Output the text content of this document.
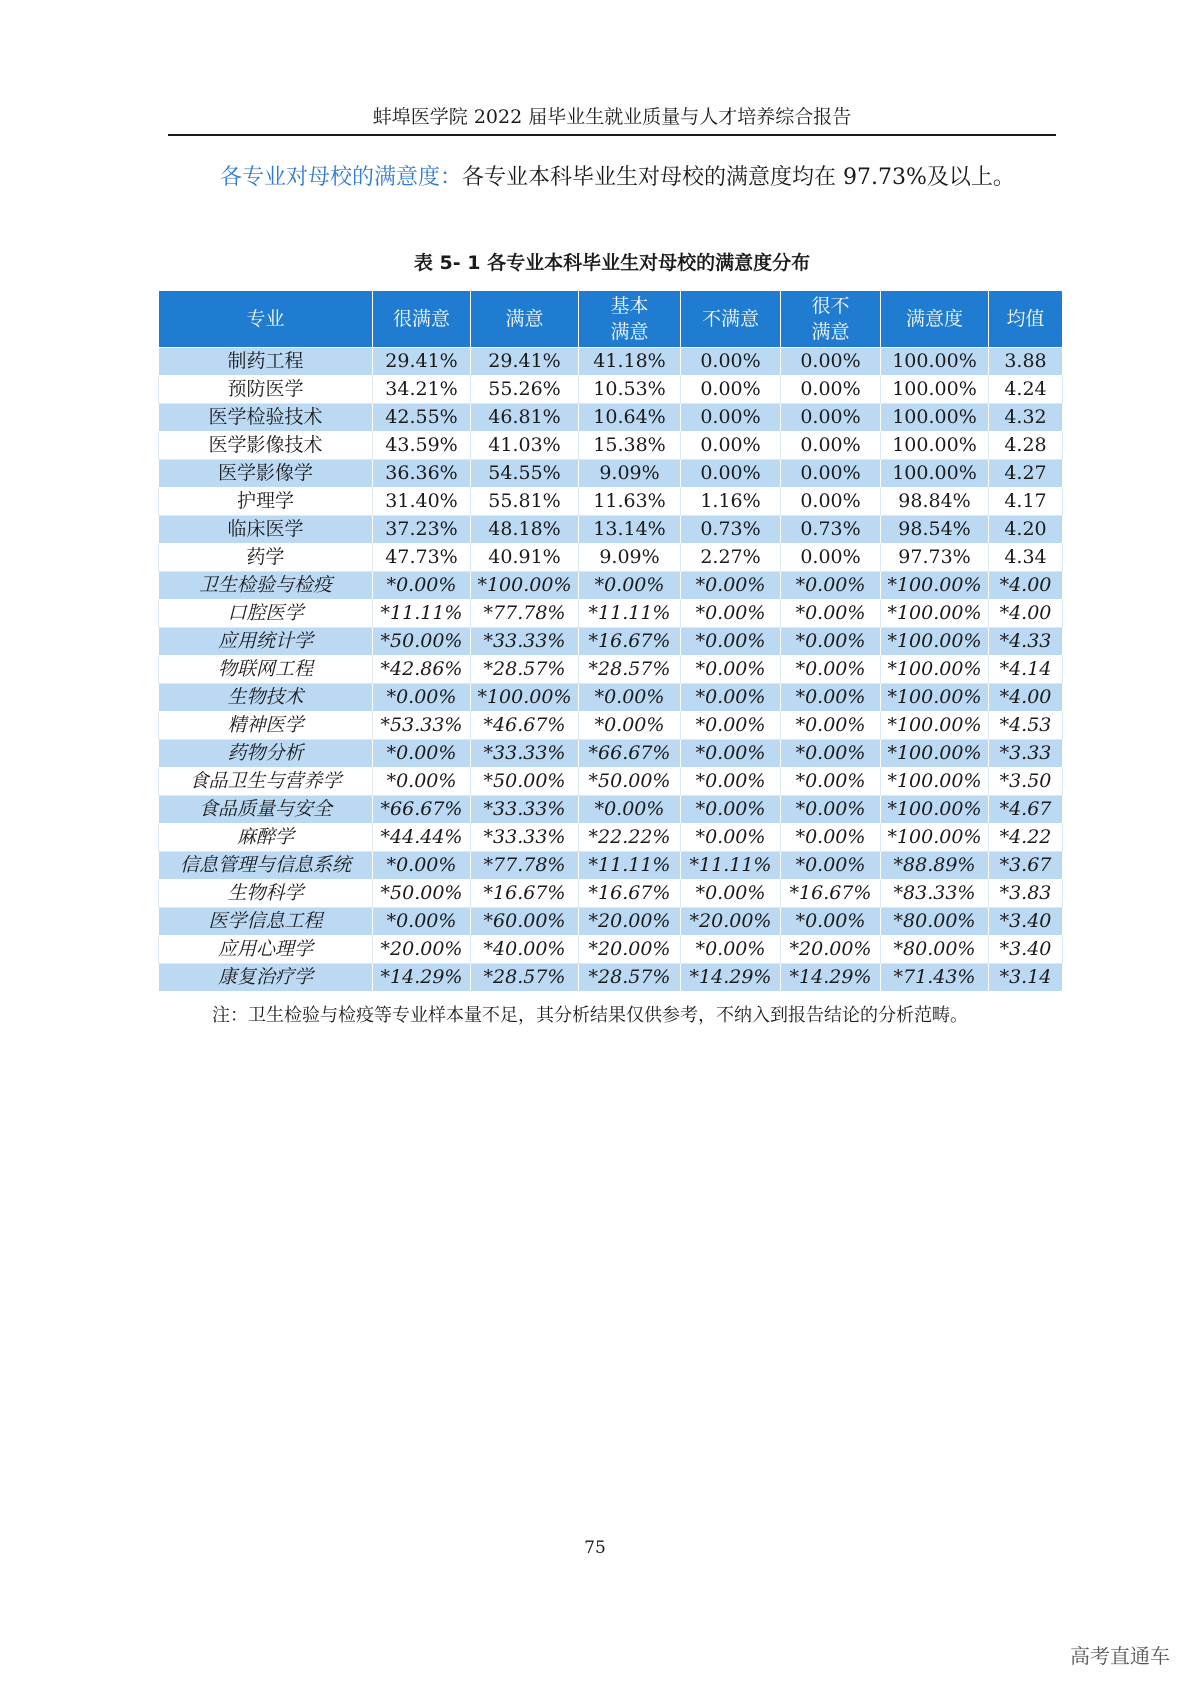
蚌埠医学院 2022 届毕业生就业质量与人才培养综合报告

各专业对母校的满意度：各专业本科毕业生对母校的满意度均在 97.73%及以上。

表 5- 1 各专业本科毕业生对母校的满意度分布
专业	很满意	满意	基本满意	不满意	很不满意	满意度	均值
制药工程	29.41%	29.41%	41.18%	0.00%	0.00%	100.00%	3.88
预防医学	34.21%	55.26%	10.53%	0.00%	0.00%	100.00%	4.24
医学检验技术	42.55%	46.81%	10.64%	0.00%	0.00%	100.00%	4.32
医学影像技术	43.59%	41.03%	15.38%	0.00%	0.00%	100.00%	4.28
医学影像学	36.36%	54.55%	9.09%	0.00%	0.00%	100.00%	4.27
护理学	31.40%	55.81%	11.63%	1.16%	0.00%	98.84%	4.17
临床医学	37.23%	48.18%	13.14%	0.73%	0.73%	98.54%	4.20
药学	47.73%	40.91%	9.09%	2.27%	0.00%	97.73%	4.34
卫生检验与检疫	*0.00%	*100.00%	*0.00%	*0.00%	*0.00%	*100.00%	*4.00
口腔医学	*11.11%	*77.78%	*11.11%	*0.00%	*0.00%	*100.00%	*4.00
应用统计学	*50.00%	*33.33%	*16.67%	*0.00%	*0.00%	*100.00%	*4.33
物联网工程	*42.86%	*28.57%	*28.57%	*0.00%	*0.00%	*100.00%	*4.14
生物技术	*0.00%	*100.00%	*0.00%	*0.00%	*0.00%	*100.00%	*4.00
精神医学	*53.33%	*46.67%	*0.00%	*0.00%	*0.00%	*100.00%	*4.53
药物分析	*0.00%	*33.33%	*66.67%	*0.00%	*0.00%	*100.00%	*3.33
食品卫生与营养学	*0.00%	*50.00%	*50.00%	*0.00%	*0.00%	*100.00%	*3.50
食品质量与安全	*66.67%	*33.33%	*0.00%	*0.00%	*0.00%	*100.00%	*4.67
麻醉学	*44.44%	*33.33%	*22.22%	*0.00%	*0.00%	*100.00%	*4.22
信息管理与信息系统	*0.00%	*77.78%	*11.11%	*11.11%	*0.00%	*88.89%	*3.67
生物科学	*50.00%	*16.67%	*16.67%	*0.00%	*16.67%	*83.33%	*3.83
医学信息工程	*0.00%	*60.00%	*20.00%	*20.00%	*0.00%	*80.00%	*3.40
应用心理学	*20.00%	*40.00%	*20.00%	*0.00%	*20.00%	*80.00%	*3.40
康复治疗学	*14.29%	*28.57%	*28.57%	*14.29%	*14.29%	*71.43%	*3.14

注：卫生检验与检疫等专业样本量不足，其分析结果仅供参考，不纳入到报告结论的分析范畴。

75
高考直通车
